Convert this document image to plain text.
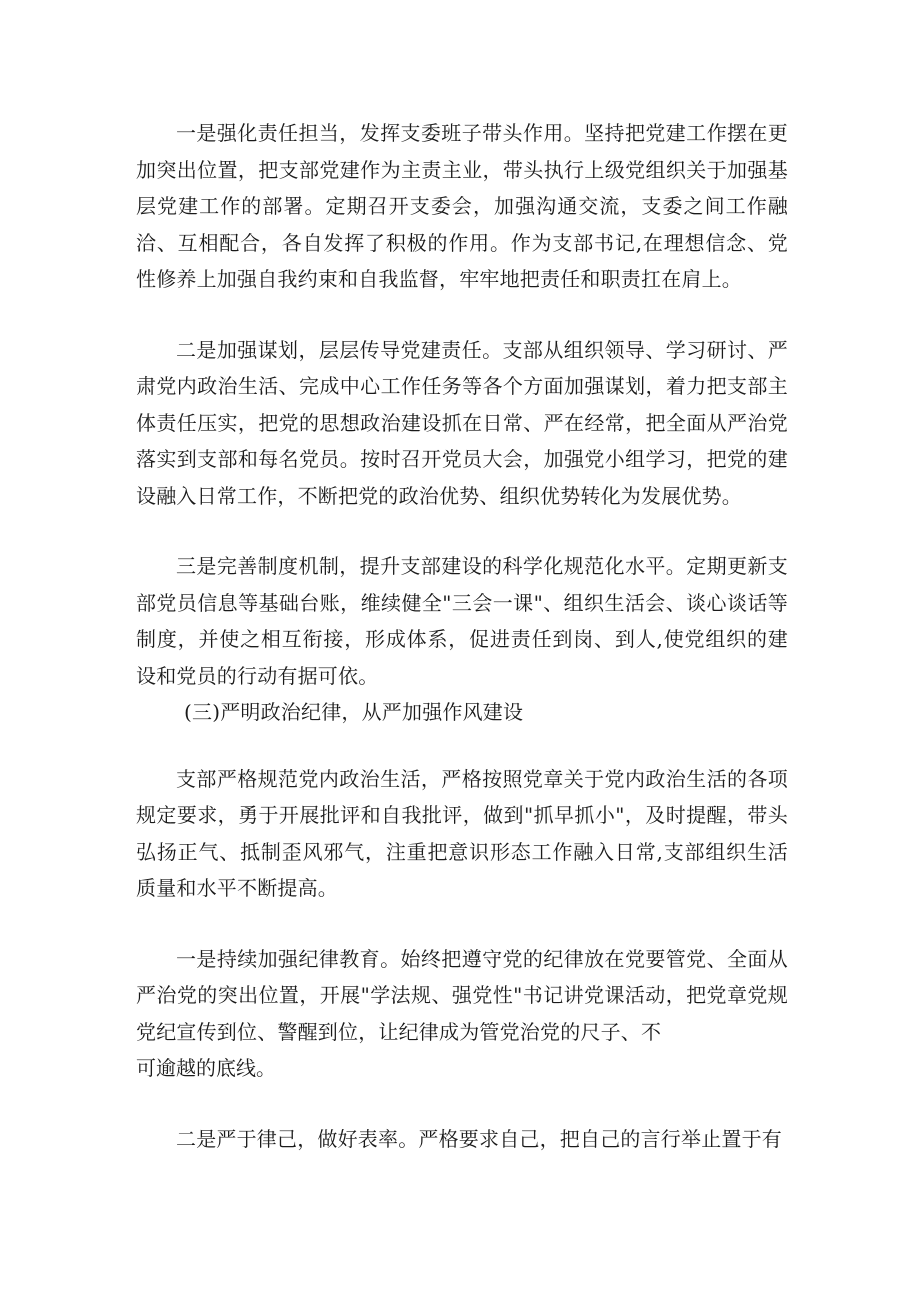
一是强化责任担当，发挥支委班子带头作用。坚持把党建工作摆在更加突出位置，把支部党建作为主责主业，带头执行上级党组织关于加强基层党建工作的部署。定期召开支委会，加强沟通交流，支委之间工作融洽、互相配合，各自发挥了积极的作用。作为支部书记,在理想信念、党性修养上加强自我约束和自我监督，牢牢地把责任和职责扛在肩上。

二是加强谋划，层层传导党建责任。支部从组织领导、学习研讨、严肃党内政治生活、完成中心工作任务等各个方面加强谋划，着力把支部主体责任压实，把党的思想政治建设抓在日常、严在经常，把全面从严治党落实到支部和每名党员。按时召开党员大会，加强党小组学习，把党的建设融入日常工作，不断把党的政治优势、组织优势转化为发展优势。

三是完善制度机制，提升支部建设的科学化规范化水平。定期更新支部党员信息等基础台账，维续健全"三会一课"、组织生活会、谈心谈话等制度，并使之相互衔接，形成体系，促进责任到岗、到人,使党组织的建设和党员的行动有据可依。

(三)严明政治纪律，从严加强作风建设

支部严格规范党内政治生活，严格按照党章关于党内政治生活的各项规定要求，勇于开展批评和自我批评，做到"抓早抓小"，及时提醒，带头弘扬正气、抵制歪风邪气，注重把意识形态工作融入日常,支部组织生活质量和水平不断提高。

一是持续加强纪律教育。始终把遵守党的纪律放在党要管党、全面从严治党的突出位置，开展"学法规、强党性"书记讲党课活动，把党章党规党纪宣传到位、警醒到位，让纪律成为管党治党的尺子、不

可逾越的底线。

二是严于律己，做好表率。严格要求自己，把自己的言行举止置于有
